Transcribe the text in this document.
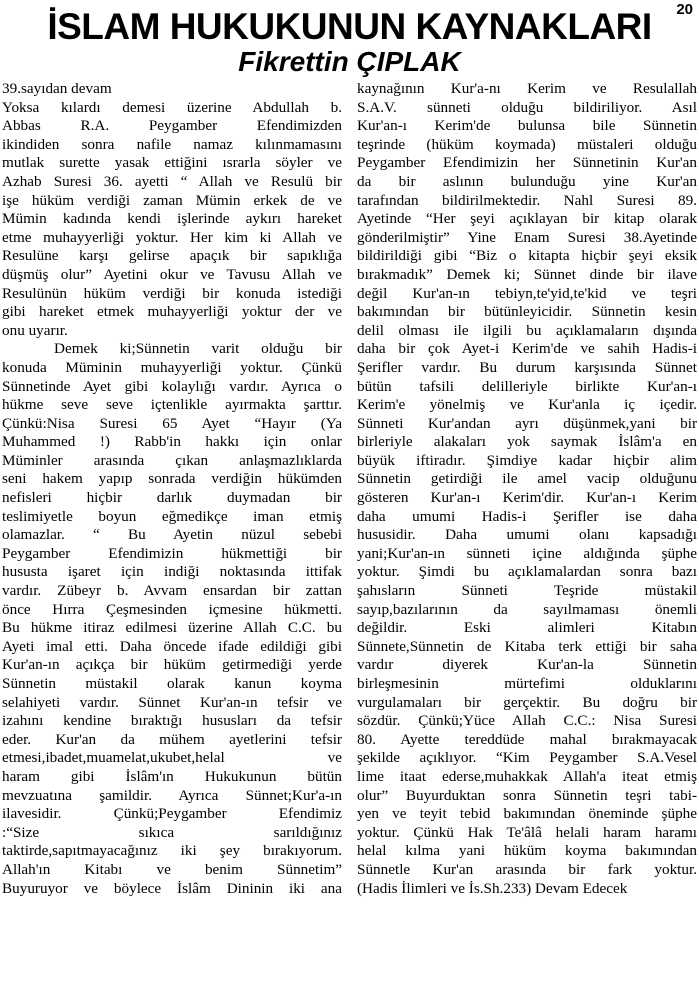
20
İSLAM HUKUKUNUN KAYNAKLARI
Fikrettin ÇIPLAK
39.sayıdan devam
Yoksa kılardı demesi üzerine Abdullah b.
Abbas R.A. Peygamber Efendimizden
ikindiden sonra nafile namaz kılınmamasını
mutlak surette yasak ettiğini ısrarla söyler ve
Azhab Suresi 36. ayetti “ Allah ve Resulü bir
işe hüküm verdiği zaman Mümin erkek de ve
Mümin kadında kendi işlerinde aykırı hareket
etme muhayyerliği yoktur. Her kim ki Allah ve
Resulüne karşı gelirse apaçık bir sapıklığa
düşmüş olur” Ayetini okur ve Tavusu Allah ve
Resulünün hüküm verdiği bir konuda istediği
gibi hareket etmek muhayyerliği yoktur der ve
onu uyarır.
Demek ki;Sünnetin varit olduğu bir
konuda Müminin muhayyerliği yoktur. Çünkü
Sünnetinde Ayet gibi kolaylığı vardır. Ayrıca o
hükme seve seve içtenlikle ayırmakta şarttır.
Çünkü:Nisa Suresi 65 Ayet “Hayır (Ya
Muhammed !) Rabb'in hakkı için onlar
Müminler arasında çıkan anlaşmazlıklarda
seni hakem yapıp sonrada verdiğin hükümden
nefisleri hiçbir darlık duymadan bir
teslimiyetle boyun eğmedikçe iman etmiş
olamazlar. “ Bu Ayetin nüzul sebebi
Peygamber Efendimizin hükmettiği bir
hususta işaret için indiği noktasında ittifak
vardır. Zübeyr b. Avvam ensardan bir zattan
önce Hırra Çeşmesinden içmesine hükmetti.
Bu hükme itiraz edilmesi üzerine Allah C.C. bu
Ayeti imal etti. Daha öncede ifade edildiği gibi
Kur'an-ın açıkça bir hüküm getirmediği yerde
Sünnetin müstakil olarak kanun koyma
selahiyeti vardır. Sünnet Kur'an-ın tefsir ve
izahını kendine bıraktığı hususları da tefsir
eder. Kur'an da mühem ayetlerini tefsir
etmesi,ibadet,muamelat,ukubet,helal ve
haram gibi İslâm'ın Hukukunun bütün
mevzuatına şamildir. Ayrıca Sünnet;Kur'a-ın
ilavesidir. Çünkü;Peygamber Efendimiz
:“Size sıkıca sarıldığınız
taktirde,sapıtmayacağınız iki şey bırakıyorum.
Allah'ın Kitabı ve benim Sünnetim”
Buyuruyor ve böylece İslâm Dininin iki ana
kaynağının Kur'a-nı Kerim ve Resulallah
S.A.V. sünneti olduğu bildiriliyor. Asıl
Kur'an-ı Kerim'de bulunsa bile Sünnetin
teşrinde (hüküm koymada) müstaleri olduğu
Peygamber Efendimizin her Sünnetinin Kur'an
da bir aslının bulunduğu yine Kur'an
tarafından bildirilmektedir. Nahl Suresi 89.
Ayetinde “Her şeyi açıklayan bir kitap olarak
gönderilmiştir” Yine Enam Suresi 38.Ayetinde
bildirildiği gibi “Biz o kitapta hiçbir şeyi eksik
bırakmadık” Demek ki; Sünnet dinde bir ilave
değil Kur'an-ın tebiyn,te'yid,te'kid ve teşri
bakımından bir bütünleyicidir. Sünnetin kesin
delil olması ile ilgili bu açıklamaların dışında
daha bir çok Ayet-i Kerim'de ve sahih Hadis-i
Şerifler vardır. Bu durum karşısında Sünnet
bütün tafsili delilleriyle birlikte Kur'an-ı
Kerim'e yönelmiş ve Kur'anla iç içedir.
Sünneti Kur'andan ayrı düşünmek,yani bir
birleriyle alakaları yok saymak İslâm'a en
büyük iftiradır. Şimdiye kadar hiçbir alim
Sünnetin getirdiği ile amel vacip olduğunu
gösteren Kur'an-ı Kerim'dir. Kur'an-ı Kerim
daha umumi Hadis-i Şerifler ise daha
hususidir. Daha umumi olanı kapsadığı
yani;Kur'an-ın sünneti içine aldığında şüphe
yoktur. Şimdi bu açıklamalardan sonra bazı
şahısların Sünneti Teşride müstakil
sayıp,bazılarının da sayılmaması önemli
değildir. Eski alimleri Kitabın
Sünnete,Sünnetin de Kitaba terk ettiği bir saha
vardır diyerek Kur'an-la Sünnetin
birleşmesinin mürtefimi olduklarını
vurgulamaları bir gerçektir. Bu doğru bir
sözdür. Çünkü;Yüce Allah C.C.: Nisa Suresi
80. Ayette tereddüde mahal bırakmayacak
şekilde açıklıyor. “Kim Peygamber S.A.Vesel
lime itaat ederse,muhakkak Allah'a iteat etmiş
olur” Buyurduktan sonra Sünnetin teşri tabi-
yen ve teyit tebid bakımından öneminde şüphe
yoktur. Çünkü Hak Te'âlâ helali haram haramı
helal kılma yani hüküm koyma bakımından
Sünnetle Kur'an arasında bir fark yoktur.
(Hadis İlimleri ve İs.Sh.233) Devam Edecek
